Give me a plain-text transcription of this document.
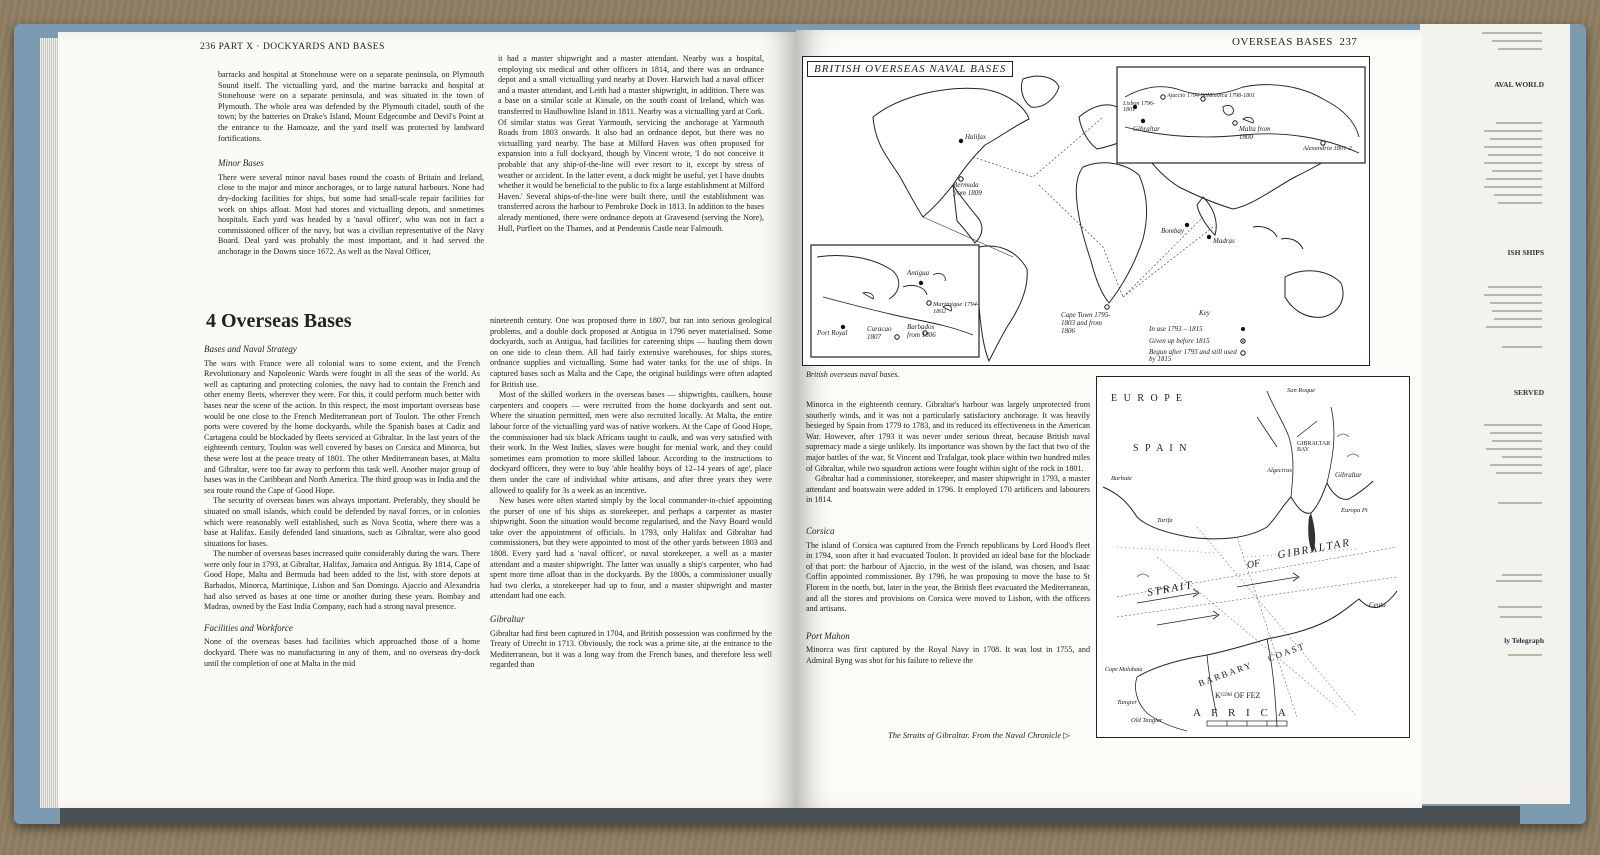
AVAL WORLD
ISH SHIPS
SERVED
ly Telegraph
236 PART X · DOCKYARDS AND BASES

barracks and hospital at Stonehouse were on a separate peninsula, on Plymouth Sound itself. The victualling yard, and the marine barracks and hospital at Stonehouse were on a separate peninsula, and was situated in the town of Plymouth. The whole area was defended by the Plymouth citadel, south of the town; by the batteries on Drake's Island, Mount Edgecombe and Devil's Point at the entrance to the Hamoaze, and the yard itself was protected by landward fortifications.

Minor Bases

There were several minor naval bases round the coasts of Britain and Ireland, close to the major and minor anchorages, or to large natural harbours. None had dry-docking facilities for ships, but some had small-scale repair facilities for work on ships afloat. Most had stores and victualling depots, and sometimes hospitals. Each yard was headed by a 'naval officer', who was not in fact a commissioned officer of the navy, but was a civilian representative of the Navy Board. Deal yard was probably the most important, and it had served the anchorage in the Downs since 1672. As well as the Naval Officer,

it had a master shipwright and a master attendant. Nearby was a hospital, employing six medical and other officers in 1814, and there was an ordnance depot and a small victualling yard nearby at Dover. Harwich had a naval officer and a master attendant, and Leith had a master shipwright, in addition. There was a base on a similar scale at Kinsale, on the south coast of Ireland, which was transferred to Haulbowline Island in 1811. Nearby was a victualling yard at Cork. Of similar status was Great Yarmouth, servicing the anchorage at Yarmouth Roads from 1803 onwards. It also had an ordnance depot, but there was no victualling yard nearby. The base at Milford Haven was often proposed for expansion into a full dockyard, though by Vincent wrote, 'I do not conceive it probable that any ship-of-the-line will ever resort to it, except by stress of weather or accident. In the latter event, a dock might be useful, yet I have doubts whether it would be beneficial to the public to fix a large establishment at Milford Haven.' Several ships-of-the-line were built there, until the establishment was transferred across the harbour to Pembroke Dock in 1813. In addition to the bases already mentioned, there were ordnance depots at Gravesend (serving the Nore), Hull, Purfleet on the Thames, and at Pendennis Castle near Falmouth.

4 Overseas Bases

Bases and Naval Strategy

The wars with France were all colonial wars to some extent, and the French Revolutionary and Napoleonic Wards were fought in all the seas of the world. As well as capturing and protecting colonies, the navy had to contain the French and other enemy fleets, wherever they were. For this, it could perform much better with bases near the scene of the action. In this respect, the most important overseas base would be one close to the French Mediterranean port of Toulon. The other French ports were covered by the home dockyards, while the Spanish bases at Cadiz and Cartagena could be blockaded by fleets serviced at Gibraltar. In the last years of the eighteenth century, Toulon was well covered by bases on Corsica and Minorca, but these were lost at the peace treaty of 1801. The other Mediterranean bases, at Malta and Gibraltar, were too far away to perform this task well. Another major group of bases was in the Caribbean and North America. The third group was in India and the sea route round the Cape of Good Hope.

The security of overseas bases was always important. Preferably, they should be situated on small islands, which could be defended by naval forces, or in colonies which were reasonably well established, such as Nova Scotia, where there was a base at Halifax. Easily defended land situations, such as Gibraltar, were also good situations for bases.

The number of overseas bases increased quite considerably during the wars. There were only four in 1793, at Gibraltar, Halifax, Jamaica and Antigua. By 1814, Cape of Good Hope, Malta and Bermuda had been added to the list, with store depots at Barbados, Minorca, Martinique, Lisbon and San Domingo. Ajaccio and Alexandria had also served as bases at one time or another during these years. Bombay and Madras, owned by the East India Company, each had a strong naval presence.

Facilities and Workforce

None of the overseas bases had facilities which approached those of a home dockyard. There was no manufacturing in any of them, and no overseas dry-dock until the completion of one at Malta in the mid

nineteenth century. One was proposed there in 1807, but ran into serious geological problems, and a double dock proposed at Antigua in 1796 never materialised. Some dockyards, such as Antigua, had facilities for careening ships — hauling them down on one side to clean them. All had fairly extensive warehouses, for ships stores, ordnance supplies and victualling. Some had water tanks for the use of ships. In captured bases such as Malta and the Cape, the original buildings were often adapted for British use.

Most of the skilled workers in the overseas bases — shipwrights, caulkers, house carpenters and coopers — were recruited from the home dockyards and sent out. Where the situation permitted, men were also recruited locally. At Malta, the entire labour force of the victualling yard was of native workers. At the Cape of Good Hope, the commissioner had six black Africans taught to caulk, and was very satisfied with their work. In the West Indies, slaves were bought for menial work, and they could sometimes earn promotion to more skilled labour. According to the instructions to dockyard officers, they were to buy 'able healthy boys of 12–14 years of age', place them under the care of individual white artisans, and after three years they were allowed to qualify for 3s a week as an incentive.

New bases were often started simply by the local commander-in-chief appointing the purser of one of his ships as storekeeper, and perhaps a carpenter as master shipwright. Soon the situation would become regularised, and the Navy Board would take over the appointment of officials. In 1793, only Halifax and Gibraltar had commissioners, but they were appointed to most of the other yards between 1803 and 1808. Every yard had a 'naval officer', or naval storekeeper, a well as a master attendant and a master shipwright. The latter was usually a ship's carpenter, who had spent more time afloat than in the dockyards. By the 1800s, a commissioner usually had two clerks, a storekeeper had up to four, and a master shipwright and master attendant had one each.

Gibraltar

Gibraltar had first been captured in 1704, and British possession was confirmed by the Treaty of Utrecht in 1713. Obviously, the rock was a prime site, at the entrance to the Mediterranean, but it was a long way from the French bases, and therefore less well regarded than

OVERSEAS BASES 237
BRITISH OVERSEAS NAVAL BASES
Halifax
Bermuda from 1809
Lisbon 1796-1801
Gibraltar
Ajaccio 1794-96 Minorca 1798-1801
Malta from 1800
Alexandria 1801-2
Bombay
Madras
Cape Town 1795-1803 and from 1806
Antigua
Martinique 1794-1802
Port Royal	Curacao 1807
Barbados from 1806
Key
In use 1793 – 1815
Given up before 1815
Begun after 1793 and still used by 1815
British overseas naval bases.

Minorca in the eighteenth century. Gibraltar's harbour was largely unprotected from southerly winds, and it was not a particularly satisfactory anchorage. It was heavily besieged by Spain from 1779 to 1783, and its reduced its effectiveness in the American War. However, after 1793 it was never under serious threat, because British naval supremacy made a siege unlikely. Its importance was shown by the fact that two of the major battles of the war, St Vincent and Trafalgar, took place within two hundred miles of Gibraltar, while two squadron actions were fought within sight of the rock in 1801.

Gibraltar had a commissioner, storekeeper, and master shipwright in 1793, a master attendant and boatswain were added in 1796. It employed 170 artificers and labourers in 1814.

Corsica

The island of Corsica was captured from the French republicans by Lord Hood's fleet in 1794, soon after it had evacuated Toulon. It provided an ideal base for the blockade of that port: the harbour of Ajaccio, in the west of the island, was chosen, and Isaac Coffin appointed commissioner. By 1796, he was proposing to move the base to St Florent in the north, but, later in the year, the British fleet evacuated the Mediterranean, and all the stores and provisions on Corsica were moved to Lisbon, with the officers and artisans.

Port Mahon

Minorca was first captured by the Royal Navy in 1708. It was lost in 1755, and Admiral Byng was shot for his failure to relieve the

E U R O P E
S P A I N
San Roque
GIBRALTAR BAY
Gibraltar
Algeciras
Europa Pt
Barbate
Tarifa
STRAIT
OF
GIBRALTAR
Ceuta
BARBARY
COAST
Kᴳᴰᴹ OF FEZ
A F R I C A
Tangier
Old Tangier
Cape Malabata
The Straits of Gibraltar. From the Naval Chronicle ▷
